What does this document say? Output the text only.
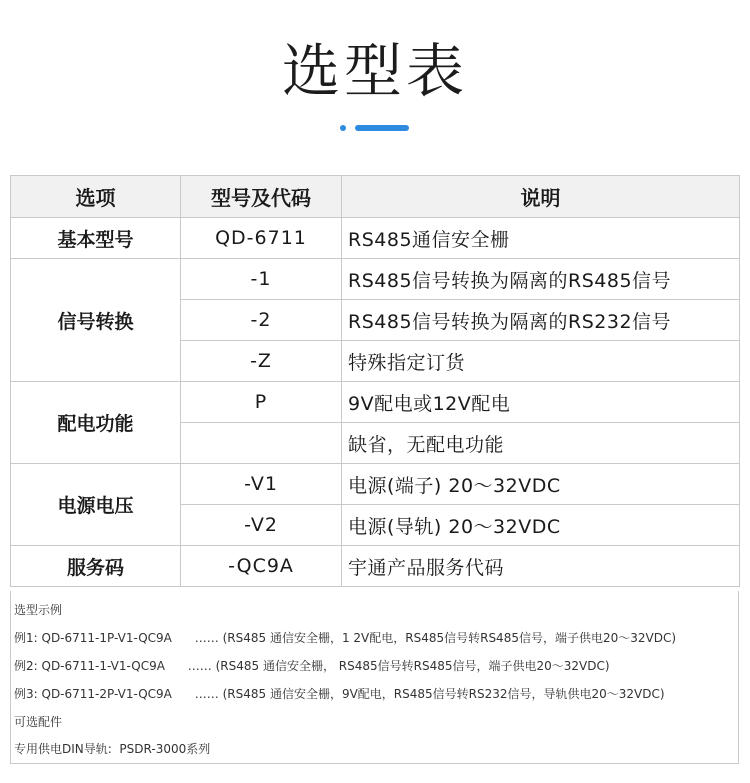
选型表
选项	型号及代码	说明
基本型号	QD-6711	RS485通信安全栅
信号转换	-1	RS485信号转换为隔离的RS485信号
	-2	RS485信号转换为隔离的RS232信号
	-Z	特殊指定订货
配电功能	P	9V配电或12V配电
		缺省，无配电功能
电源电压	-V1	电源(端子) 20～32VDC
	-V2	电源(导轨) 20～32VDC
服务码	-QC9A	宇通产品服务代码
选型示例
例1: QD-6711-1P-V1-QC9A      …… (RS485 通信安全栅，1 2V配电，RS485信号转RS485信号，端子供电20～32VDC)
例2: QD-6711-1-V1-QC9A      …… (RS485 通信安全栅， RS485信号转RS485信号，端子供电20～32VDC)
例3: QD-6711-2P-V1-QC9A      …… (RS485 通信安全栅，9V配电，RS485信号转RS232信号，导轨供电20～32VDC)
可选配件
专用供电DIN导轨:  PSDR-3000系列
